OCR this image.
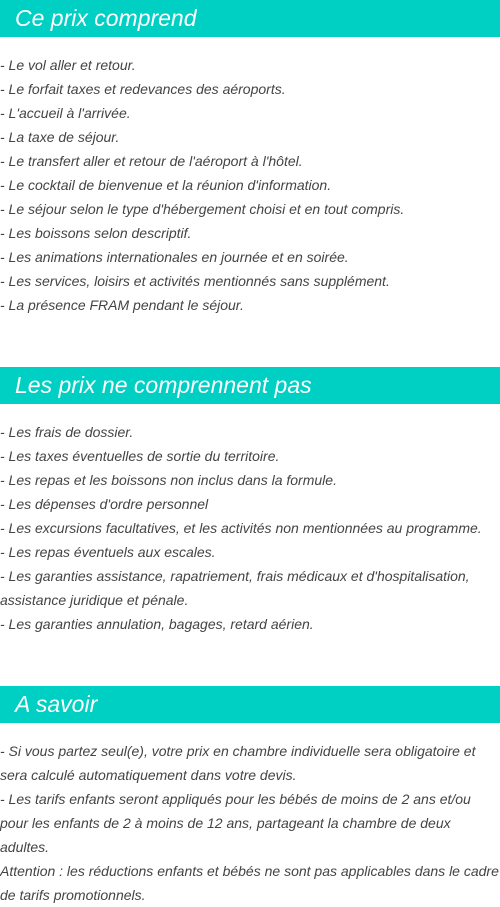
Ce prix comprend
- Le vol aller et retour.
- Le forfait taxes et redevances des aéroports.
- L'accueil à l'arrivée.
- La taxe de séjour.
- Le transfert aller et retour de l'aéroport à l'hôtel.
- Le cocktail de bienvenue et la réunion d'information.
- Le séjour selon le type d'hébergement choisi et en tout compris.
- Les boissons selon descriptif.
- Les animations internationales en journée et en soirée.
- Les services, loisirs et activités mentionnés sans supplément.
- La présence FRAM pendant le séjour.
Les prix ne comprennent pas
- Les frais de dossier.
- Les taxes éventuelles de sortie du territoire.
- Les repas et les boissons non inclus dans la formule.
- Les dépenses d'ordre personnel
- Les excursions facultatives, et les activités non mentionnées au programme.
- Les repas éventuels aux escales.
- Les garanties assistance, rapatriement, frais médicaux et d'hospitalisation, assistance juridique et pénale.
- Les garanties annulation, bagages, retard aérien.
A savoir
- Si vous partez seul(e), votre prix en chambre individuelle sera obligatoire et sera calculé automatiquement dans votre devis.
- Les tarifs enfants seront appliqués pour les bébés de moins de 2 ans et/ou pour les enfants de 2 à moins de 12 ans, partageant la chambre de deux adultes.
Attention : les réductions enfants et bébés ne sont pas applicables dans le cadre de tarifs promotionnels.
